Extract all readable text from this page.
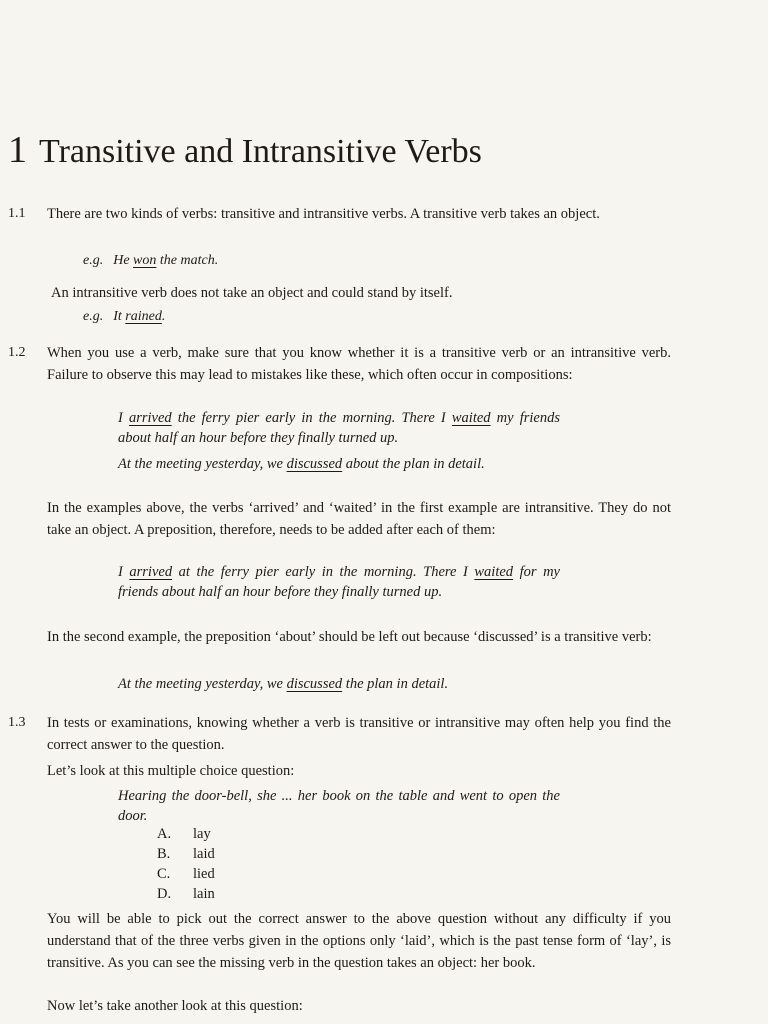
1 Transitive and Intransitive Verbs
1.1 There are two kinds of verbs: transitive and intransitive verbs. A transitive verb takes an object.

e.g. He won the match.

An intransitive verb does not take an object and could stand by itself.

e.g. It rained.

1.2 When you use a verb, make sure that you know whether it is a transitive verb or an intransitive verb. Failure to observe this may lead to mistakes like these, which often occur in compositions:

I arrived the ferry pier early in the morning. There I waited my friends about half an hour before they finally turned up.

At the meeting yesterday, we discussed about the plan in detail.

In the examples above, the verbs ‘arrived’ and ‘waited’ in the first example are intransitive. They do not take an object. A preposition, therefore, needs to be added after each of them:

I arrived at the ferry pier early in the morning. There I waited for my friends about half an hour before they finally turned up.

In the second example, the preposition ‘about’ should be left out because ‘discussed’ is a transitive verb:

At the meeting yesterday, we discussed the plan in detail.

1.3 In tests or examinations, knowing whether a verb is transitive or intransitive may often help you find the correct answer to the question.

Let’s look at this multiple choice question:

Hearing the door-bell, she ... her book on the table and went to open the door.

A.	lay
B.	laid
C.	lied
D.	lain

You will be able to pick out the correct answer to the above question without any difficulty if you understand that of the three verbs given in the options only ‘laid’, which is the past tense form of ‘lay’, is transitive. As you can see the missing verb in the question takes an object: her book.

Now let’s take another look at this question:
